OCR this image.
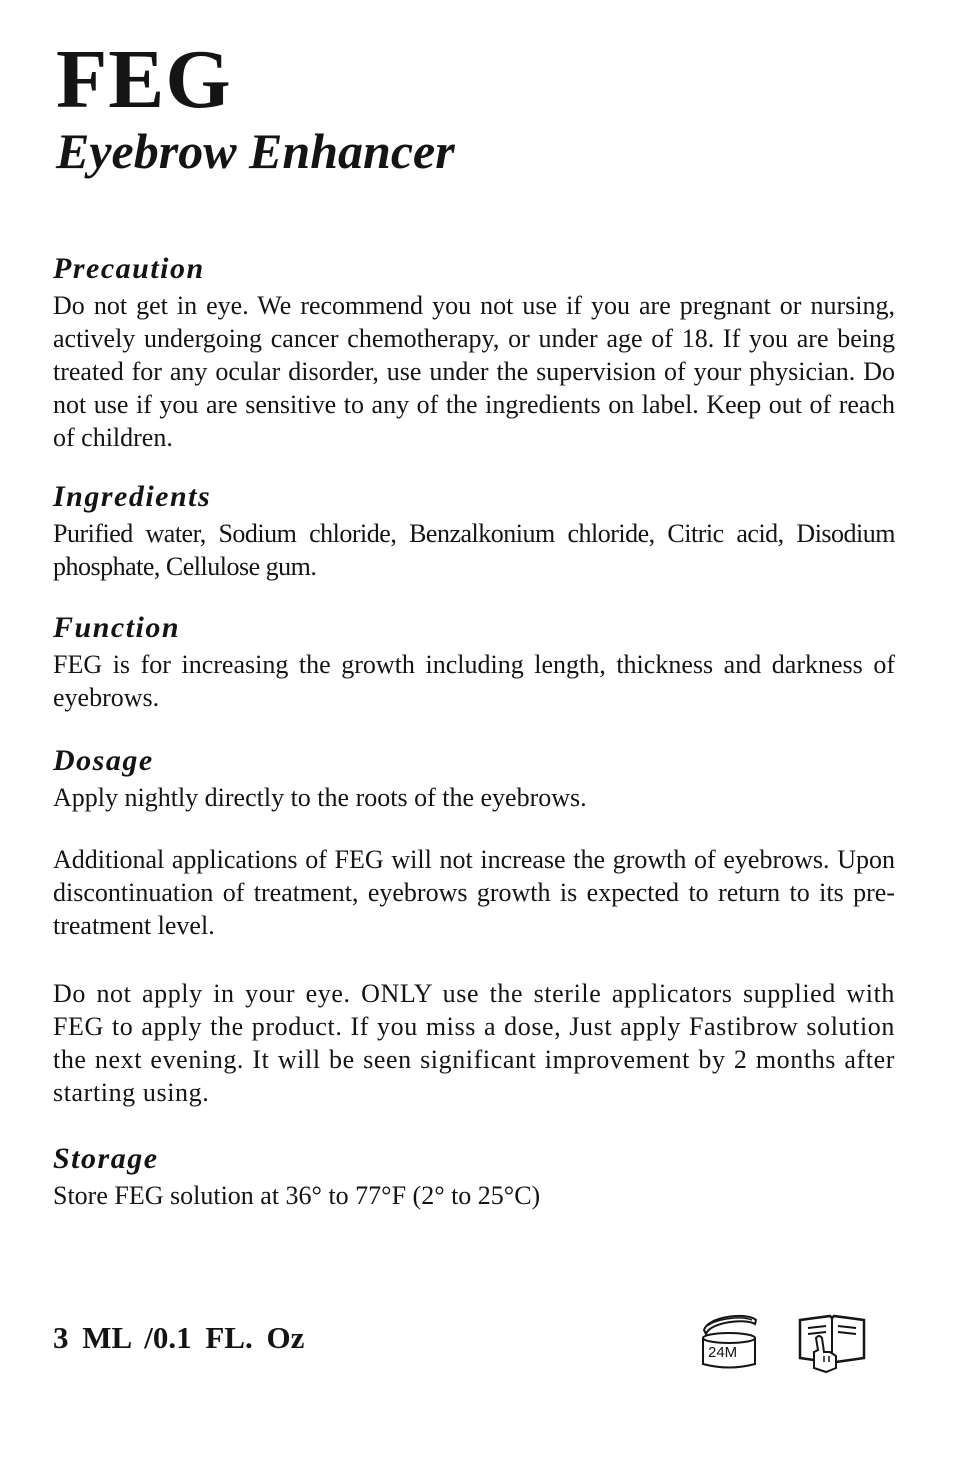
FEG
Eyebrow Enhancer
Precaution

Do not get in eye. We recommend you not use if you are pregnant or nursing, actively undergoing cancer chemotherapy, or under age of 18. If you are being treated for any ocular disorder, use under the supervision of your physician. Do not use if you are sensitive to any of the ingredients on label. Keep out of reach of children.

Ingredients

Purified water, Sodium chloride, Benzalkonium chloride, Citric acid, Disodium phosphate, Cellulose gum.

Function

FEG is for increasing the growth including length, thickness and darkness of eyebrows.

Dosage

Apply nightly directly to the roots of the eyebrows.

Additional applications of FEG will not increase the growth of eyebrows. Upon discontinuation of treatment, eyebrows growth is expected to return to its pre-treatment level.

Do not apply in your eye. ONLY use the sterile applicators supplied with FEG to apply the product. If you miss a dose, Just apply Fastibrow solution the next evening. It will be seen significant improvement by 2 months after starting using.

Storage

Store FEG solution at 36° to 77°F (2° to 25°C)

3 ML /0.1 FL. Oz	24M
